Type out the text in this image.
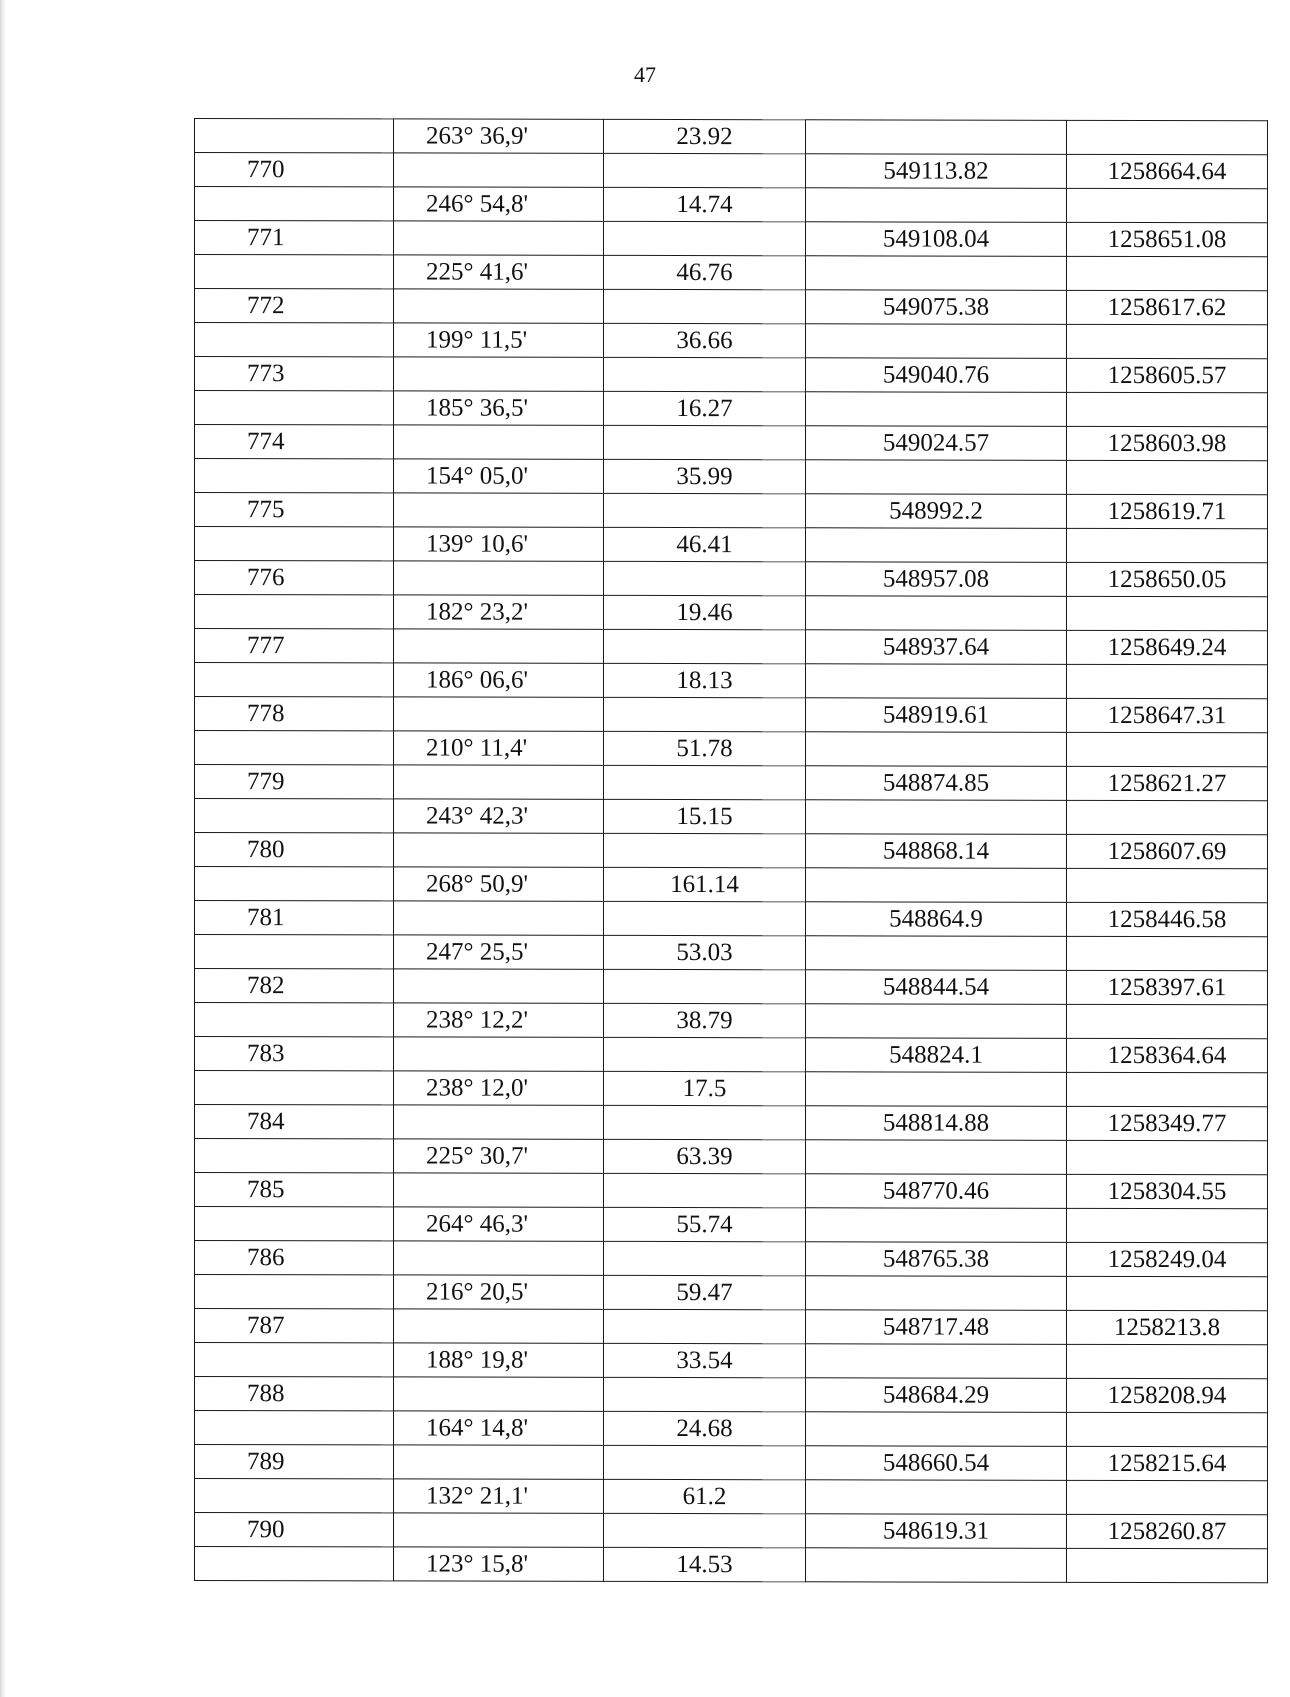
47
	263° 36,9'	23.92		
770			549113.82	1258664.64
	246° 54,8'	14.74		
771			549108.04	1258651.08
	225° 41,6'	46.76		
772			549075.38	1258617.62
	199° 11,5'	36.66		
773			549040.76	1258605.57
	185° 36,5'	16.27		
774			549024.57	1258603.98
	154° 05,0'	35.99		
775			548992.2	1258619.71
	139° 10,6'	46.41		
776			548957.08	1258650.05
	182° 23,2'	19.46		
777			548937.64	1258649.24
	186° 06,6'	18.13		
778			548919.61	1258647.31
	210° 11,4'	51.78		
779			548874.85	1258621.27
	243° 42,3'	15.15		
780			548868.14	1258607.69
	268° 50,9'	161.14		
781			548864.9	1258446.58
	247° 25,5'	53.03		
782			548844.54	1258397.61
	238° 12,2'	38.79		
783			548824.1	1258364.64
	238° 12,0'	17.5		
784			548814.88	1258349.77
	225° 30,7'	63.39		
785			548770.46	1258304.55
	264° 46,3'	55.74		
786			548765.38	1258249.04
	216° 20,5'	59.47		
787			548717.48	1258213.8
	188° 19,8'	33.54		
788			548684.29	1258208.94
	164° 14,8'	24.68		
789			548660.54	1258215.64
	132° 21,1'	61.2		
790			548619.31	1258260.87
	123° 15,8'	14.53		
